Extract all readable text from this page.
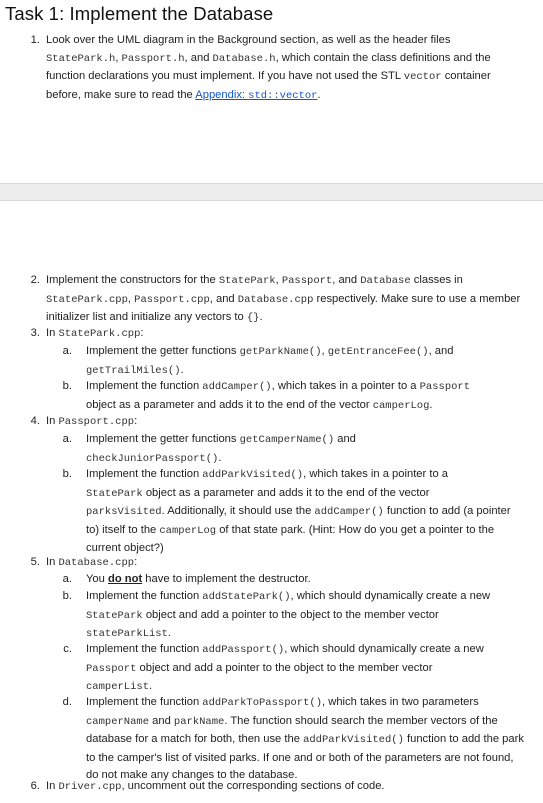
Task 1: Implement the Database
1. Look over the UML diagram in the Background section, as well as the header files
StatePark.h, Passport.h, and Database.h, which contain the class definitions and the function declarations you must implement. If you have not used the STL vector container before, make sure to read the Appendix: std::vector.

2. Implement the constructors for the StatePark, Passport, and Database classes in
StatePark.cpp, Passport.cpp, and Database.cpp respectively. Make sure to use a member initializer list and initialize any vectors to {}.

3. In StatePark.cpp:

a. Implement the getter functions getParkName(), getEntranceFee(), and
getTrailMiles().

b. Implement the function addCamper(), which takes in a pointer to a Passport
object as a parameter and adds it to the end of the vector camperLog.

4. In Passport.cpp:

a. Implement the getter functions getCamperName() and
checkJuniorPassport().

b. Implement the function addParkVisited(), which takes in a pointer to a
StatePark object as a parameter and adds it to the end of the vector
parksVisited. Additionally, it should use the addCamper() function to add (a pointer to) itself to the camperLog of that state park. (Hint: How do you get a pointer to the current object?)

5. In Database.cpp:

a. You do not have to implement the destructor.

b. Implement the function addStatePark(), which should dynamically create a new StatePark object and add a pointer to the object to the member vector
stateParkList.

c. Implement the function addPassport(), which should dynamically create a new Passport object and add a pointer to the object to the member vector
camperList.

d. Implement the function addParkToPassport(), which takes in two parameters
camperName and parkName. The function should search the member vectors of the database for a match for both, then use the addParkVisited() function to add the park to the camper's list of visited parks. If one and or both of the parameters are not found, do not make any changes to the database.

6. In Driver.cpp, uncomment out the corresponding sections of code.
